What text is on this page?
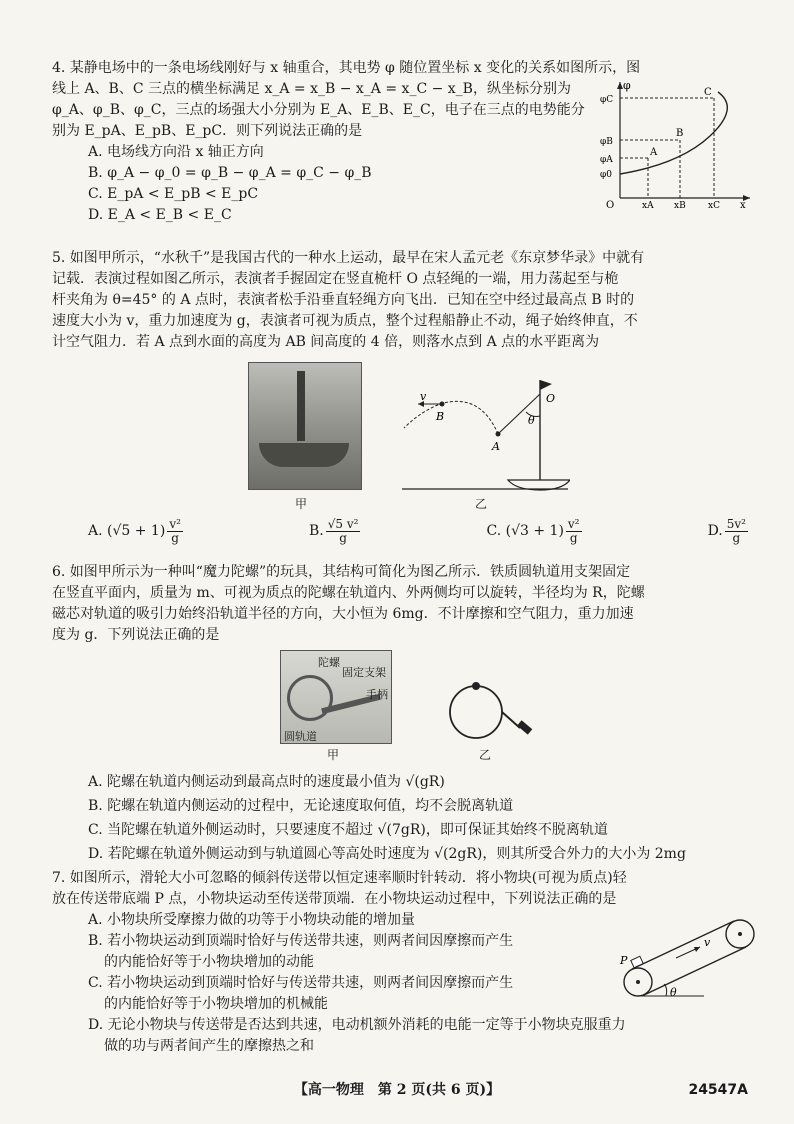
4. 某静电场中的一条电场线刚好与 x 轴重合，其电势 φ 随位置坐标 x 变化的关系如图所示，图

线上 A、B、C 三点的横坐标满足 x_A = x_B − x_A = x_C − x_B，纵坐标分别为

φ_A、φ_B、φ_C，三点的场强大小分别为 E_A、E_B、E_C，电子在三点的电势能分

别为 E_pA、E_pB、E_pC．则下列说法正确的是

A. 电场线方向沿 x 轴正方向

B. φ_A − φ_0 = φ_B − φ_A = φ_C − φ_B

C. E_pA < E_pB < E_pC

D. E_A < E_B < E_C

φ
φC
φB
φA
φ0
O	xA xB xC x
A
B
C

5. 如图甲所示，“水秋千”是我国古代的一种水上运动，最早在宋人孟元老《东京梦华录》中就有

记载．表演过程如图乙所示，表演者手握固定在竖直桅杆 O 点轻绳的一端，用力荡起至与桅

杆夹角为 θ=45° 的 A 点时，表演者松手沿垂直轻绳方向飞出．已知在空中经过最高点 B 时的

速度大小为 v，重力加速度为 g，表演者可视为质点，整个过程船静止不动，绳子始终伸直，不

计空气阻力．若 A 点到水面的高度为 AB 间高度的 4 倍，则落水点到 A 点的水平距离为

甲
v
B
A
O
θ
乙
A. $(√5 + 1) \frac{\text{v²}}{g}$	B. $\frac{\text{√5 v²}}{g}$	C. $(√3 + 1) \frac{\text{v²}}{g}$	D. $\frac{\text{5v²}}{g}$

6. 如图甲所示为一种叫“魔力陀螺”的玩具，其结构可简化为图乙所示．铁质圆轨道用支架固定

在竖直平面内，质量为 m、可视为质点的陀螺在轨道内、外两侧均可以旋转，半径均为 R，陀螺

磁芯对轨道的吸引力始终沿轨道半径的方向，大小恒为 6mg．不计摩擦和空气阻力，重力加速

度为 g．下列说法正确的是

陀螺
固定支架
手柄
圆轨道
甲	乙

A. 陀螺在轨道内侧运动到最高点时的速度最小值为 √(gR)

B. 陀螺在轨道内侧运动的过程中，无论速度取何值，均不会脱离轨道

C. 当陀螺在轨道外侧运动时，只要速度不超过 √(7gR)，即可保证其始终不脱离轨道

D. 若陀螺在轨道外侧运动到与轨道圆心等高处时速度为 √(2gR)，则其所受合外力的大小为 2mg

7. 如图所示，滑轮大小可忽略的倾斜传送带以恒定速率顺时针转动．将小物块(可视为质点)轻

放在传送带底端 P 点，小物块运动至传送带顶端．在小物块运动过程中，下列说法正确的是

A. 小物块所受摩擦力做的功等于小物块动能的增加量

B. 若小物块运动到顶端时恰好与传送带共速，则两者间因摩擦而产生

的内能恰好等于小物块增加的动能

C. 若小物块运动到顶端时恰好与传送带共速，则两者间因摩擦而产生

的内能恰好等于小物块增加的机械能

D. 无论小物块与传送带是否达到共速，电动机额外消耗的电能一定等于小物块克服重力

做的功与两者间产生的摩擦热之和

P
v
θ
【高一物理　第 2 页(共 6 页)】	24547A
